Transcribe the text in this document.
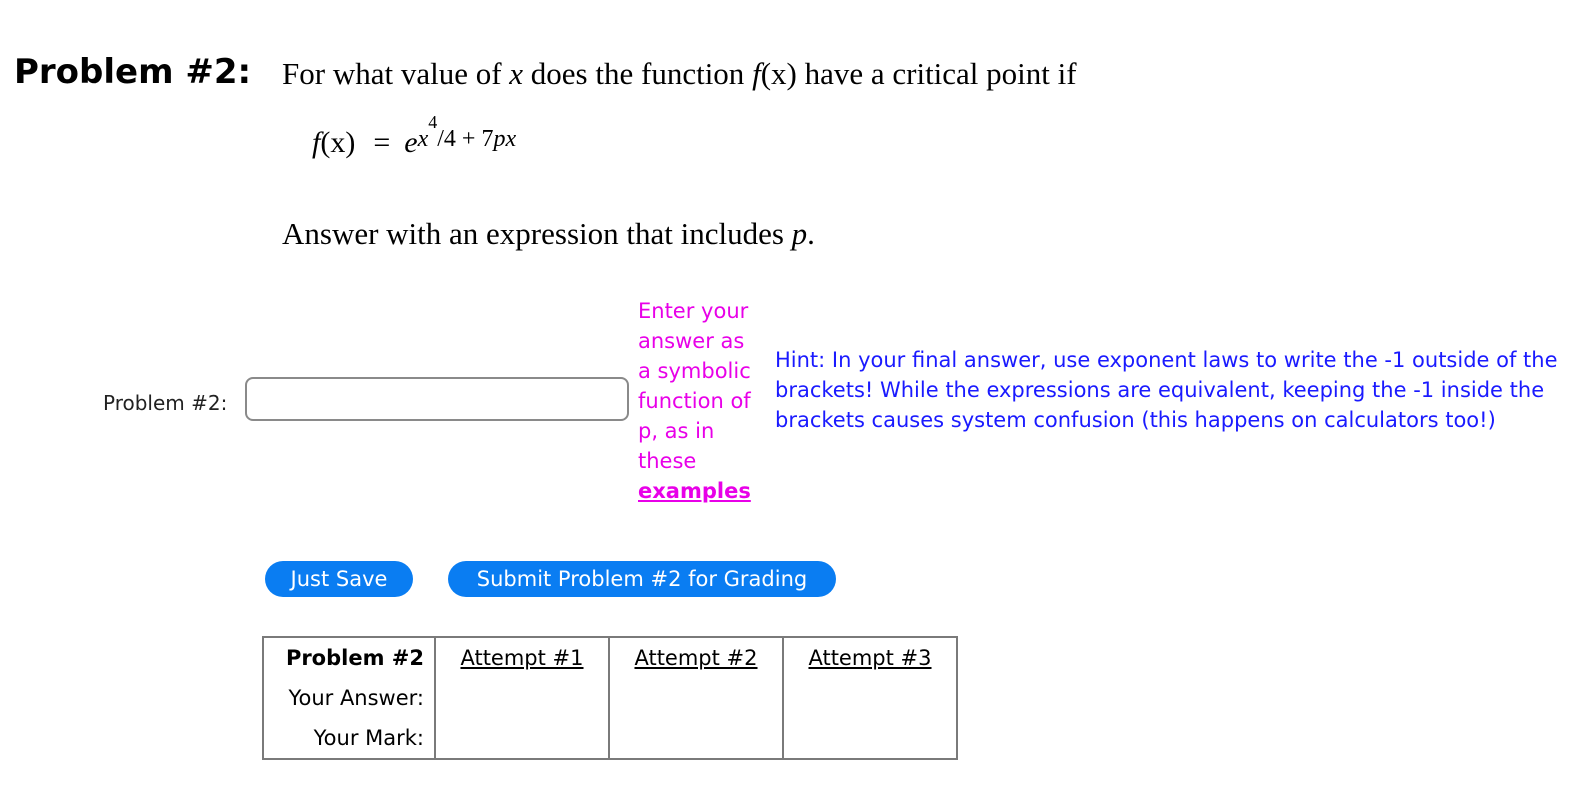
Problem #2: For what value of x does the function f(x) have a critical point if
$f(x) = e^{x^4/4 + 7px}$
Answer with an expression that includes p.
Problem #2:
Enter your answer as a symbolic function of p, as in these examples
Hint: In your final answer, use exponent laws to write the -1 outside of the brackets! While the expressions are equivalent, keeping the -1 inside the brackets causes system confusion (this happens on calculators too!)
Just Save	Submit Problem #2 for Grading
Problem #2	Attempt #1	Attempt #2	Attempt #3
Your Answer:			
Your Mark:			
